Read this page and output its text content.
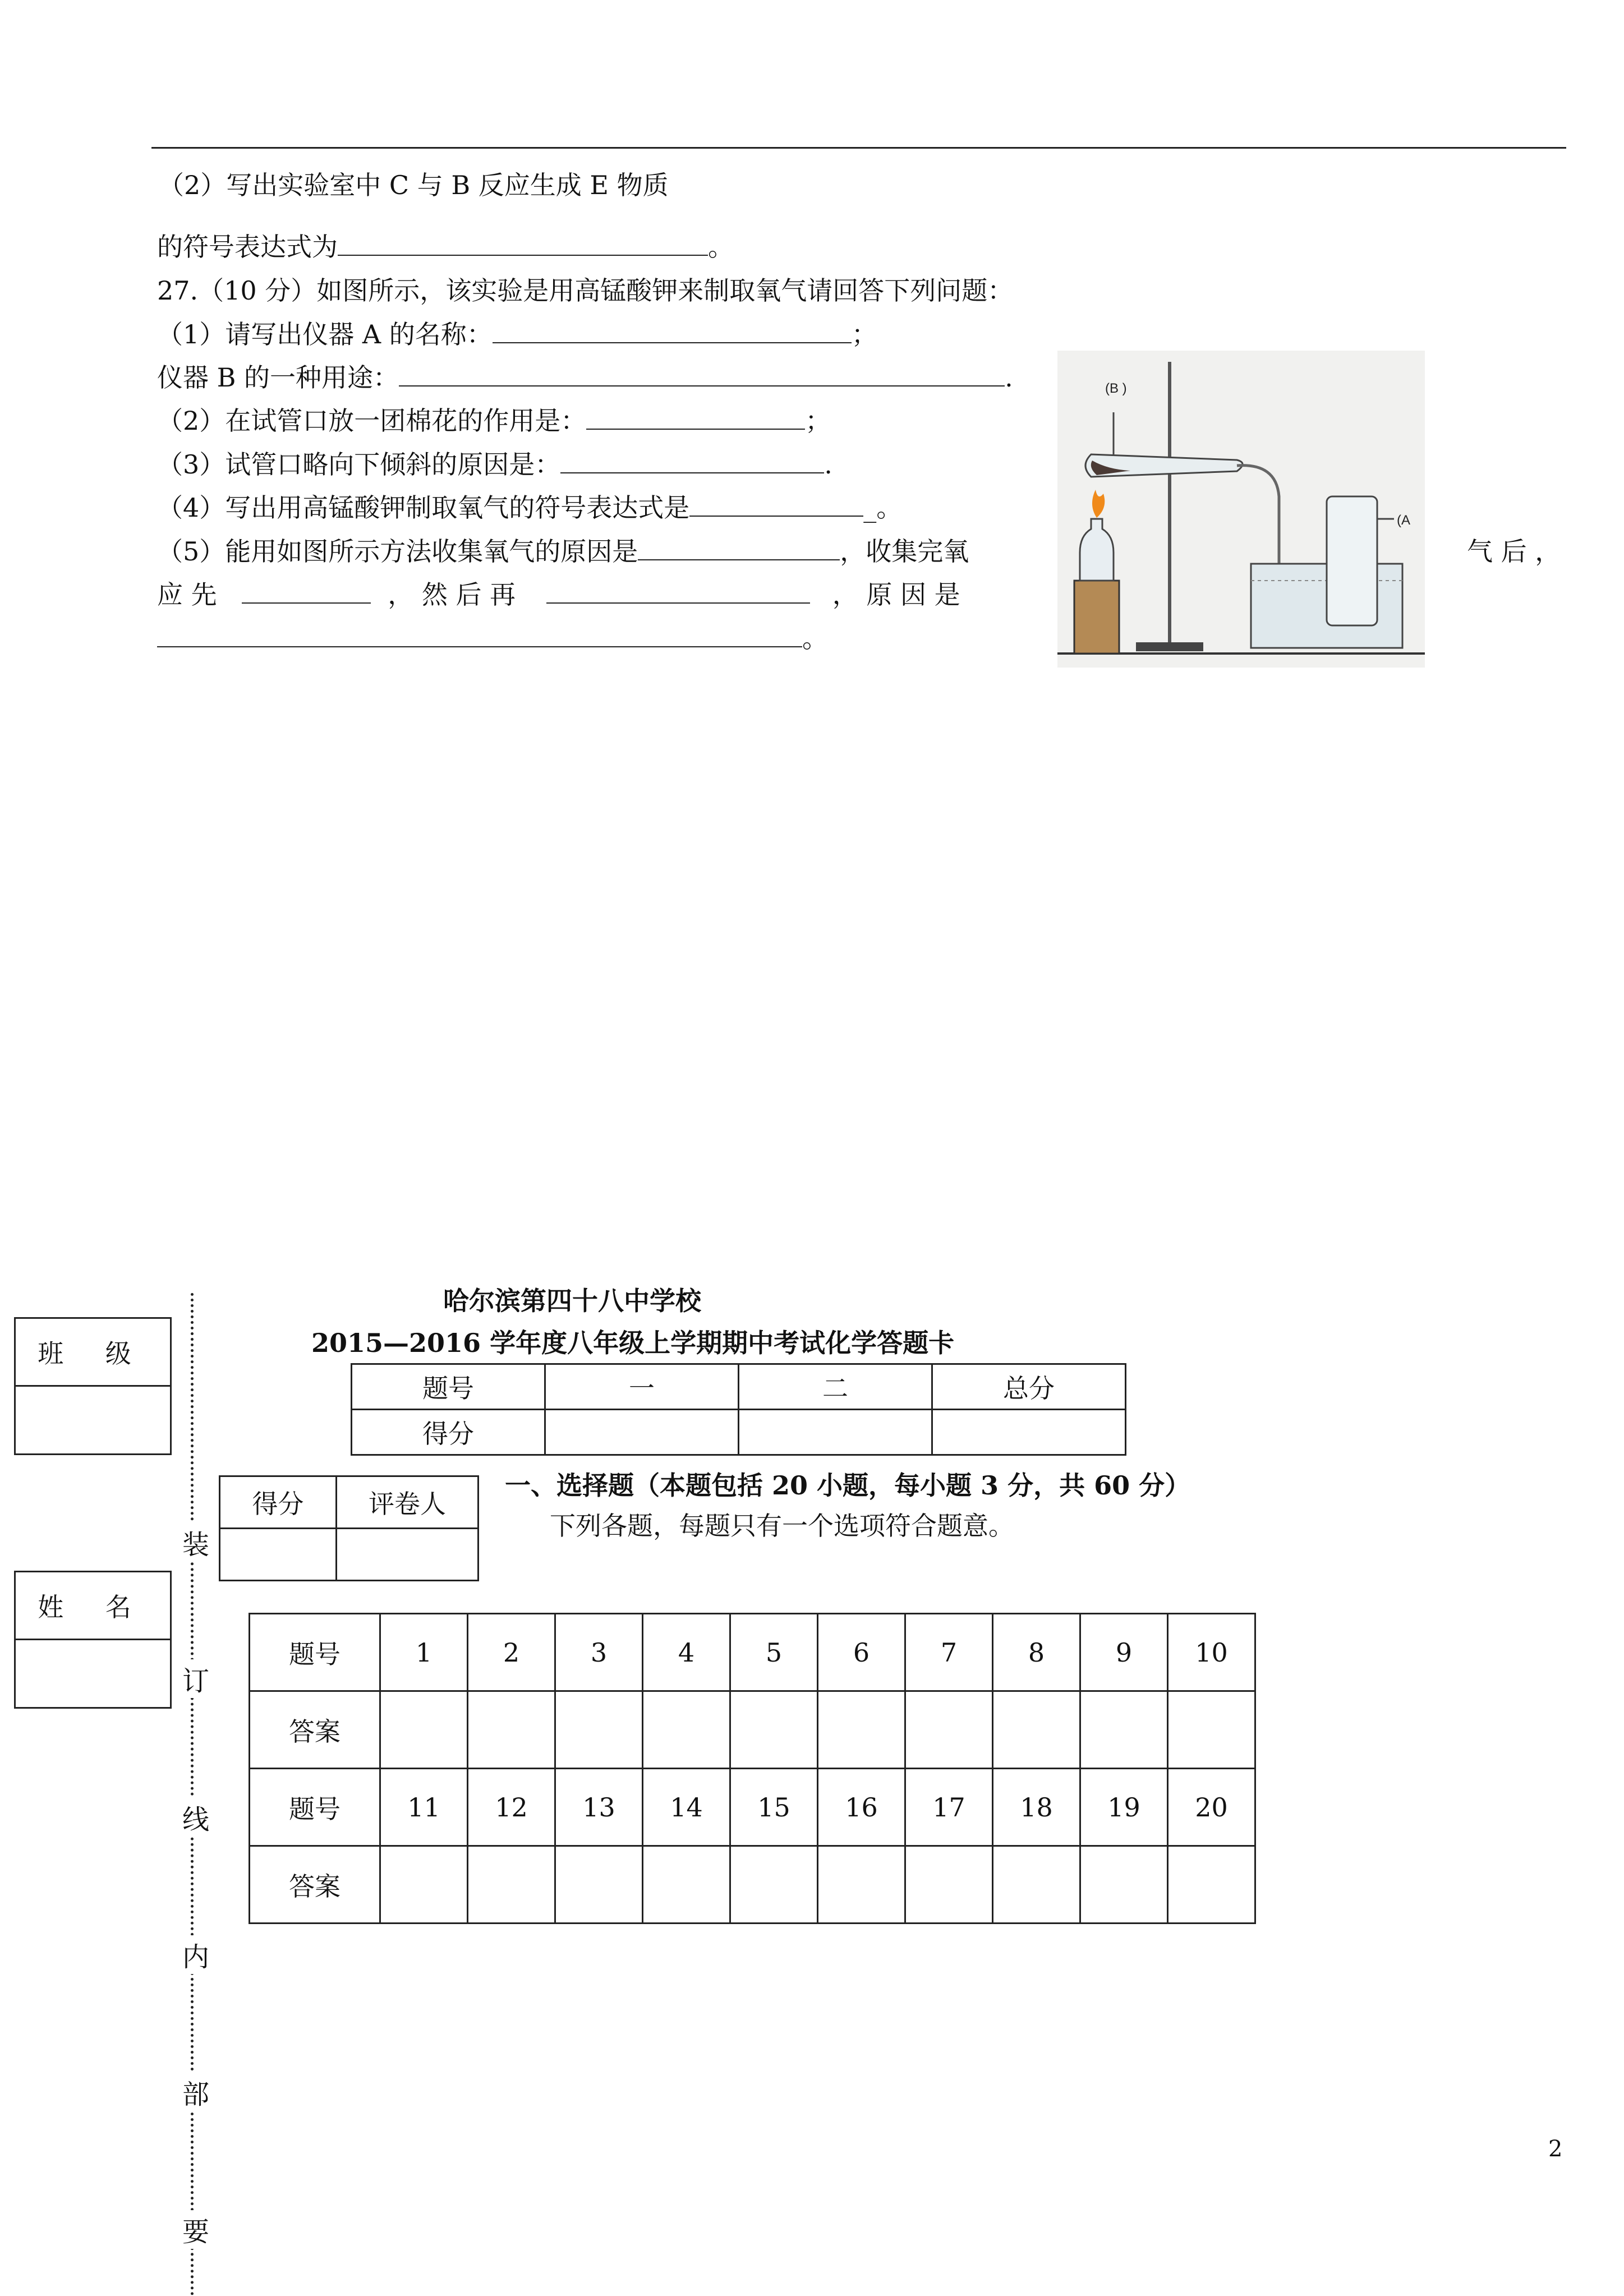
（2）写出实验室中 C 与 B 反应生成 E 物质
的符号表达式为	。
27.（10 分）如图所示，该实验是用高锰酸钾来制取氧气请回答下列问题：
（1）请写出仪器 A 的名称：	；
仪器 B 的一种用途：	.
（2）在试管口放一团棉花的作用是：	；
（3）试管口略向下倾斜的原因是：	.
（4）写出用高锰酸钾制取氧气的符号表达式是	_。
（5）能用如图所示方法收集氧气的原因是	，收集完氧	气 后 ，
应 先	， 然 后 再	， 原 因 是
。
(B )
(A
哈尔滨第四十八中学校
2015—2016 学年度八年级上学期期中考试化学答题卡
题号	一	二	总分
得分			
班 级
姓 名
得分	评卷人

一、选择题（本题包括 20 小题，每小题 3 分，共 60 分）
下列各题，每题只有一个选项符合题意。
题号	1	2	3	4	5	6	7	8	9	10
答案										
题号	11	12	13	14	15	16	17	18	19	20
答案										
装
订
线
内
部
要
2
